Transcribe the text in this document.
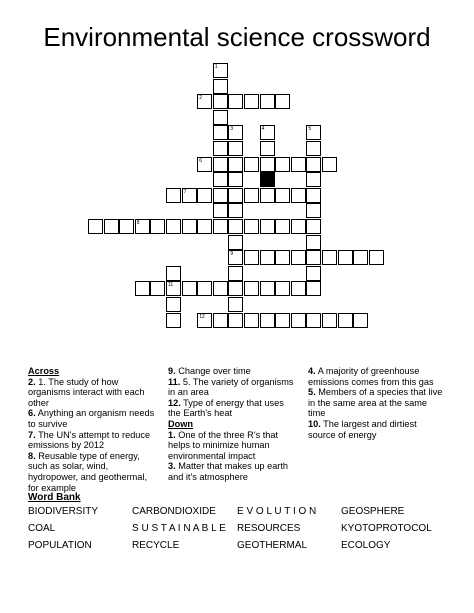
Environmental science crossword
1
2
3
9
4
6
7
5
8
11
12
Across
2. 1. The study of how organisms interact with each other
6. Anything an organism needs to survive
7. The UN's attempt to reduce emissions by 2012
8. Reusable type of energy, such as solar, wind, hydropower, and geothermal, for example
9. Change over time
11. 5. The variety of organisms in an area
12. Type of energy that uses the Earth's heat
Down
1. One of the three R's that helps to minimize human environmental impact
3. Matter that makes up earth and it's atmosphere
4. A majority of greenhouse emissions comes from this gas
5. Members of a species that live in the same area at the same time
10. The largest and dirtiest source of energy
Word Bank
BIODIVERSITY	CARBONDIOXIDE E V O L U T I O N GEOSPHERE
COAL	S U S T A I N A B L E RESOURCES	KYOTOPROTOCOL
POPULATION	RECYCLE	GEOTHERMAL	ECOLOGY
